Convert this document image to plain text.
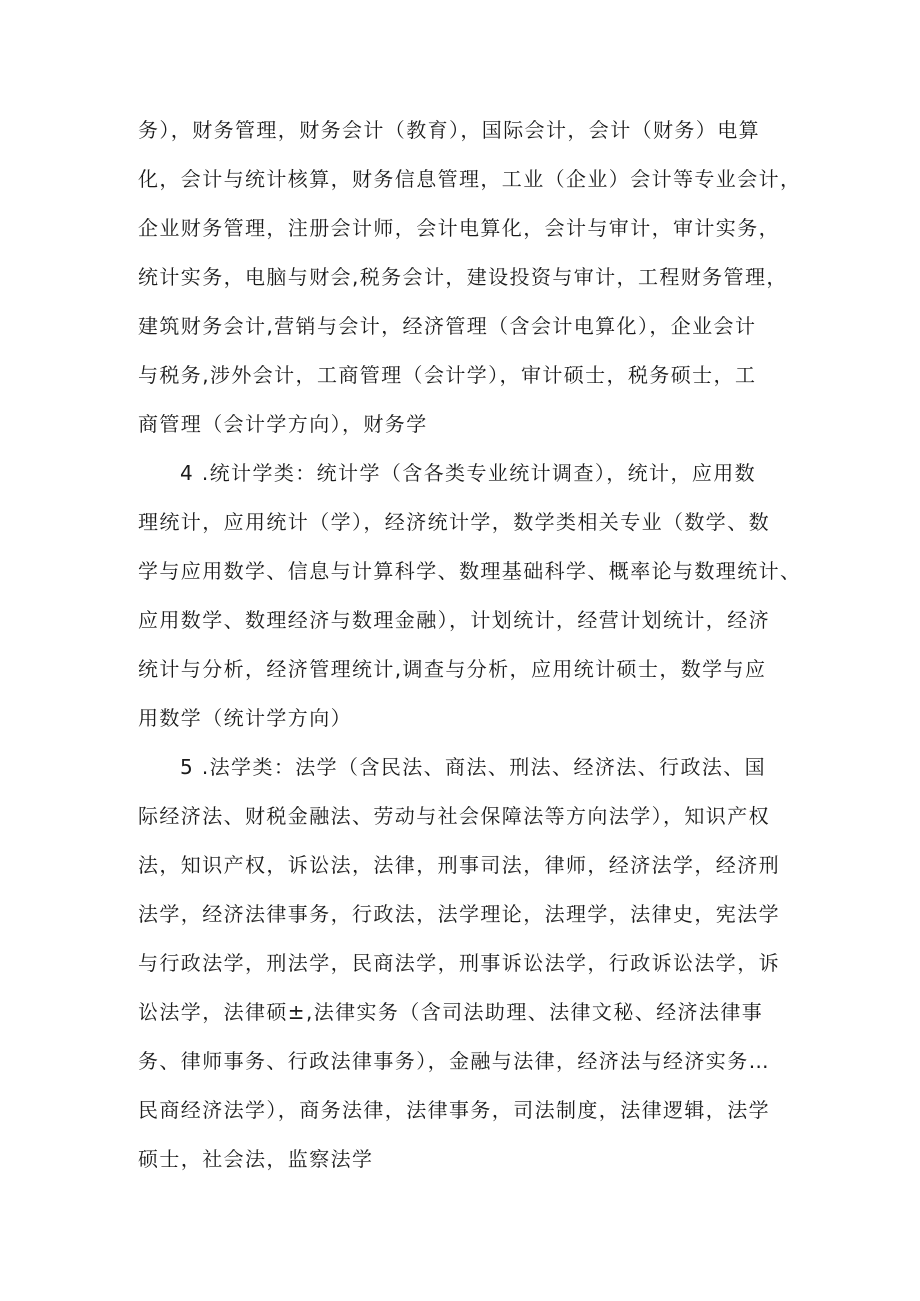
务），财务管理，财务会计（教育），国际会计，会计（财务）电算
化，会计与统计核算，财务信息管理，工业（企业）会计等专业会计，
企业财务管理，注册会计师，会计电算化，会计与审计，审计实务，
统计实务，电脑与财会,税务会计，建设投资与审计，工程财务管理，
建筑财务会计,营销与会计，经济管理（含会计电算化），企业会计
与税务,涉外会计，工商管理（会计学），审计硕士，税务硕士，工
商管理（会计学方向），财务学
4 .统计学类：统计学（含各类专业统计调查），统计，应用数
理统计，应用统计（学），经济统计学，数学类相关专业（数学、数
学与应用数学、信息与计算科学、数理基础科学、概率论与数理统计、
应用数学、数理经济与数理金融），计划统计，经营计划统计，经济
统计与分析，经济管理统计,调查与分析，应用统计硕士，数学与应
用数学（统计学方向）
5 .法学类：法学（含民法、商法、刑法、经济法、行政法、国
际经济法、财税金融法、劳动与社会保障法等方向法学），知识产权
法，知识产权，诉讼法，法律，刑事司法，律师，经济法学，经济刑
法学，经济法律事务，行政法，法学理论，法理学，法律史，宪法学
与行政法学，刑法学，民商法学，刑事诉讼法学，行政诉讼法学，诉
讼法学，法律硕±,法律实务（含司法助理、法律文秘、经济法律事
务、律师事务、行政法律事务），金融与法律，经济法与经济实务…
民商经济法学），商务法律，法律事务，司法制度，法律逻辑，法学
硕士，社会法，监察法学
